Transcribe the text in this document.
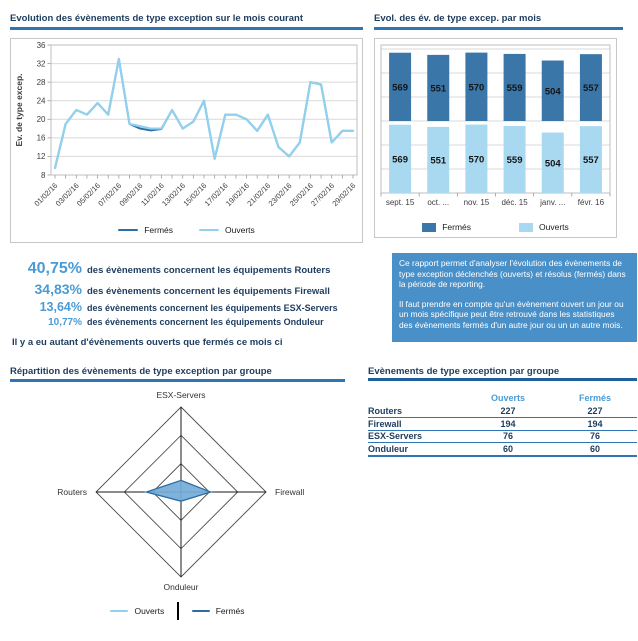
Evolution des évènements de type exception sur le mois courant
8
12
16
20
24
28
32
36
01/02/16
03/02/16
05/02/16
07/02/16
09/02/16
11/02/16
13/02/16
15/02/16
17/02/16
19/02/16
21/02/16
23/02/16
25/02/16
27/02/16
29/02/16
Ev. de type excep.
Fermés	Ouverts
Evol. des év. de type excep. par mois
sept. 15
569
569
oct. ...
551
551
nov. 15
570
570
déc. 15
559
559
janv. ...
504
504
févr. 16
557
557
Fermés	Ouverts
40,75% des évènements concernent les équipements Routers
34,83% des évènements concernent les équipements Firewall
13,64% des évènements concernent les équipements ESX-Servers
10,77% des évènements concernent les équipements Onduleur
Il y a eu autant d'évènements ouverts que fermés ce mois ci

Ce rapport permet d'analyser l'évolution des évènements de type exception déclenchés (ouverts) et résolus (fermés) dans la période de reporting.

Il faut prendre en compte qu'un évènement ouvert un jour ou un mois spécifique peut être retrouvé dans les statistiques des évènements fermés d'un autre jour ou un un autre mois.

Répartition des évènements de type exception par groupe
ESX-Servers
Firewall
Onduleur
Routers
Ouverts	Fermés
Evènements de type exception par groupe
Ouverts	Fermés
Routers	227	227
Firewall	194	194
ESX-Servers	76	76
Onduleur	60	60
